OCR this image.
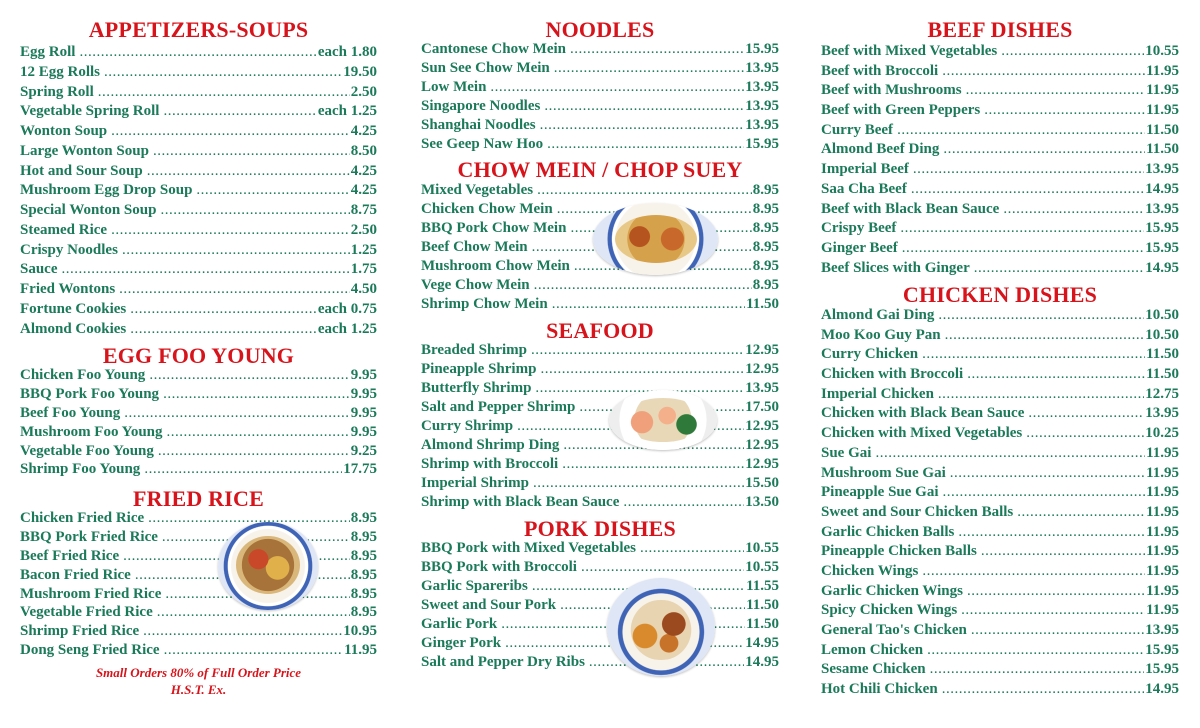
APPETIZERS-SOUPS
Egg Roll .....	each 1.80
12 Egg Rolls .....	19.50
Spring Roll .....	2.50
Vegetable Spring Roll .....	each 1.25
Wonton Soup .....	4.25
Large Wonton Soup .....	8.50
Hot and Sour Soup .....	4.25
Mushroom Egg Drop Soup .....	4.25
Special Wonton Soup .....	8.75
Steamed Rice .....	2.50
Crispy Noodles .....	1.25
Sauce .....	1.75
Fried Wontons .....	4.50
Fortune Cookies .....	each 0.75
Almond Cookies .....	each 1.25
EGG FOO YOUNG
Chicken Foo Young .....	9.95
BBQ Pork Foo Young .....	9.95
Beef Foo Young .....	9.95
Mushroom Foo Young .....	9.95
Vegetable Foo Young .....	9.25
Shrimp Foo Young .....	17.75
FRIED RICE
Chicken Fried Rice .....	8.95
BBQ Pork Fried Rice .....	8.95
Beef Fried Rice .....	8.95
Bacon Fried Rice .....	8.95
Mushroom Fried Rice .....	8.95
Vegetable Fried Rice .....	8.95
Shrimp Fried Rice .....	10.95
Dong Seng Fried Rice .....	11.95
Small Orders 80% of Full Order Price
H.S.T. Ex.
NOODLES
Cantonese Chow Mein .....	15.95
Sun See Chow Mein .....	13.95
Low Mein .....	13.95
Singapore Noodles .....	13.95
Shanghai Noodles .....	13.95
See Geep Naw Hoo .....	15.95
CHOW MEIN / CHOP SUEY
Mixed Vegetables .....	8.95
Chicken Chow Mein .....	8.95
BBQ Pork Chow Mein .....	8.95
Beef Chow Mein .....	8.95
Mushroom Chow Mein .....	8.95
Vege Chow Mein .....	8.95
Shrimp Chow Mein .....	11.50
SEAFOOD
Breaded Shrimp .....	12.95
Pineapple Shrimp .....	12.95
Butterfly Shrimp .....	13.95
Salt and Pepper Shrimp .....	17.50
Curry Shrimp .....	12.95
Almond Shrimp Ding .....	12.95
Shrimp with Broccoli .....	12.95
Imperial Shrimp .....	15.50
Shrimp with Black Bean Sauce .....	13.50
PORK DISHES
BBQ Pork with Mixed Vegetables .....	10.55
BBQ Pork with Broccoli .....	10.55
Garlic Spareribs .....	11.55
Sweet and Sour Pork .....	11.50
Garlic Pork .....	11.50
Ginger Pork .....	14.95
Salt and Pepper Dry Ribs .....	14.95
BEEF DISHES
Beef with Mixed Vegetables .....	10.55
Beef with Broccoli .....	11.95
Beef with Mushrooms .....	11.95
Beef with Green Peppers .....	11.95
Curry Beef .....	11.50
Almond Beef Ding .....	11.50
Imperial Beef .....	13.95
Saa Cha Beef .....	14.95
Beef with Black Bean Sauce .....	13.95
Crispy Beef .....	15.95
Ginger Beef .....	15.95
Beef Slices with Ginger .....	14.95
CHICKEN DISHES
Almond Gai Ding .....	10.50
Moo Koo Guy Pan .....	10.50
Curry Chicken .....	11.50
Chicken with Broccoli .....	11.50
Imperial Chicken .....	12.75
Chicken with Black Bean Sauce .....	13.95
Chicken with Mixed Vegetables .....	10.25
Sue Gai .....	11.95
Mushroom Sue Gai .....	11.95
Pineapple Sue Gai .....	11.95
Sweet and Sour Chicken Balls .....	11.95
Garlic Chicken Balls .....	11.95
Pineapple Chicken Balls .....	11.95
Chicken Wings .....	11.95
Garlic Chicken Wings .....	11.95
Spicy Chicken Wings .....	11.95
General Tao's Chicken .....	13.95
Lemon Chicken .....	15.95
Sesame Chicken .....	15.95
Hot Chili Chicken .....	14.95
